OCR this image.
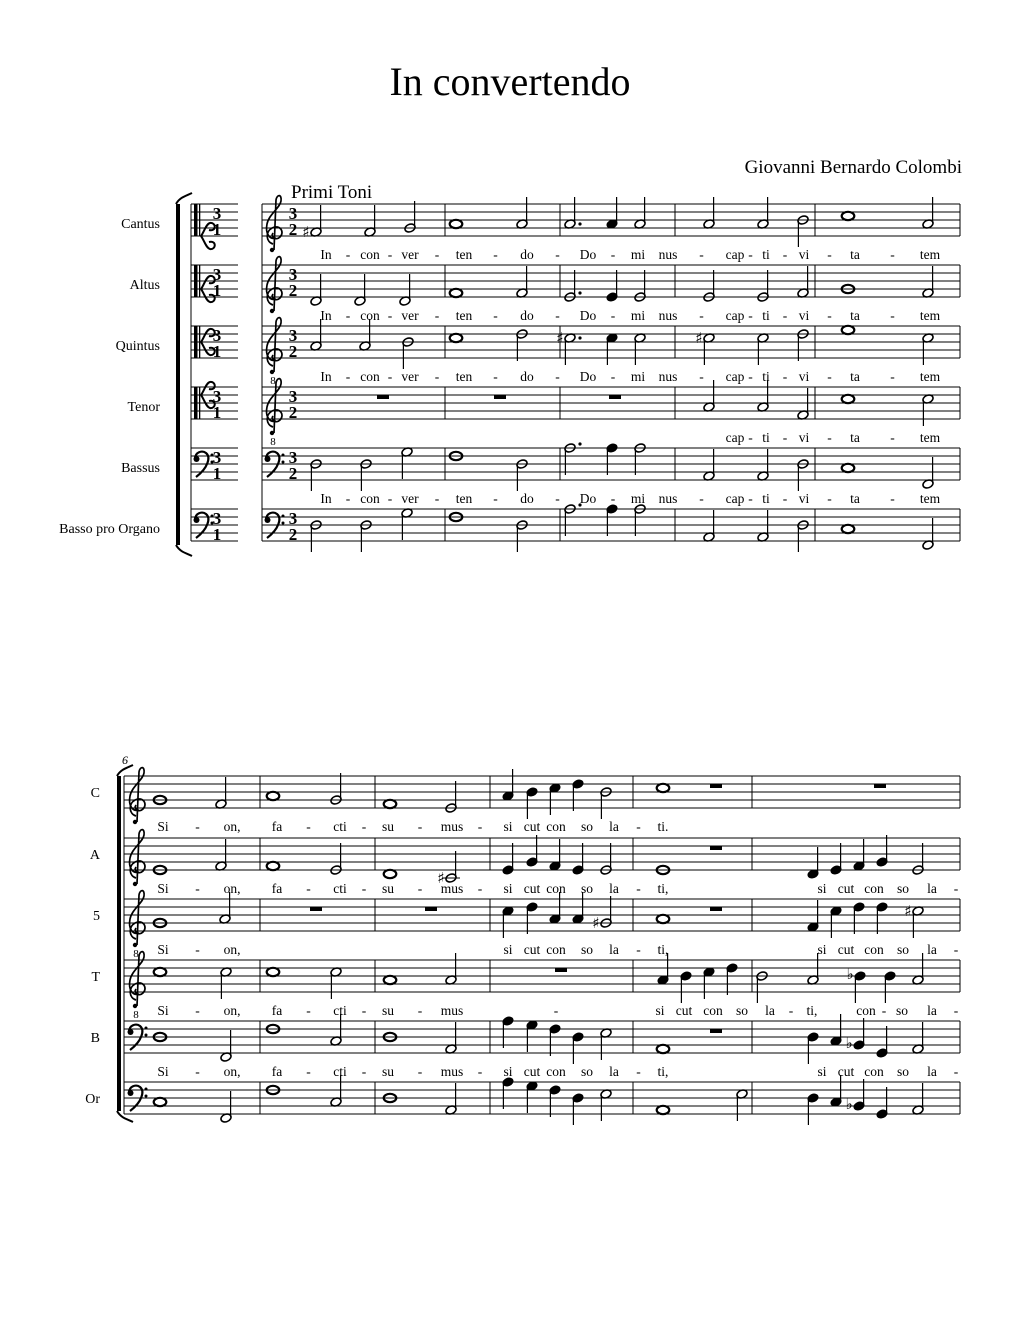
In convertendo
Giovanni Bernardo Colombi
Primi Toni
Cantus
3
1
3
2
Altus
3
1
3
2
Quintus
3
1
8
3
2
Tenor
3
1
8
3
2
Bassus
3
1
3
2
Basso pro Organo
3
1
3
2
♯
♯	♯
In con ver	ten	do	Do	mi nus	cap ti vi	ta	tem
-	-	-	-	-	-	-	- -	-	-
In con ver	ten	do	Do	mi nus	cap ti vi	ta	tem
-	-	-	-	-	-	-	- -	-	-
In con ver	ten	do	Do	mi nus	cap ti vi	ta	tem
-	-	-	-	-	-	-	- -	-	-
In con ver	ten	do	Do	mi nus	cap ti vi	ta	tem
-	-	-	-	-	-	-	- -	-	-
cap ti vi	ta	tem
- -	-	-
6
C
A
5
8
T
8
B
Or
♯
♯
♯
♭
♭
♭
Si	on, fa	cti	su	mus	si cut con so la	ti.
-	-	-	-	-	-
Si	on, fa	cti	su	mus	si cut con so la	ti,	si cut con so la
-	-	-	-	-	-	-
Si	on,	si cut con so la	ti,	si cut con so la
-	-	-
Si	on, fa	cti	su	mus	si cut con so la ti,	con so la
-	-	-	-	-	-	-	-
Si	on, fa	cti	su	mus	si cut con so la	ti,	si cut con so la
-	-	-	-	-	-	-
